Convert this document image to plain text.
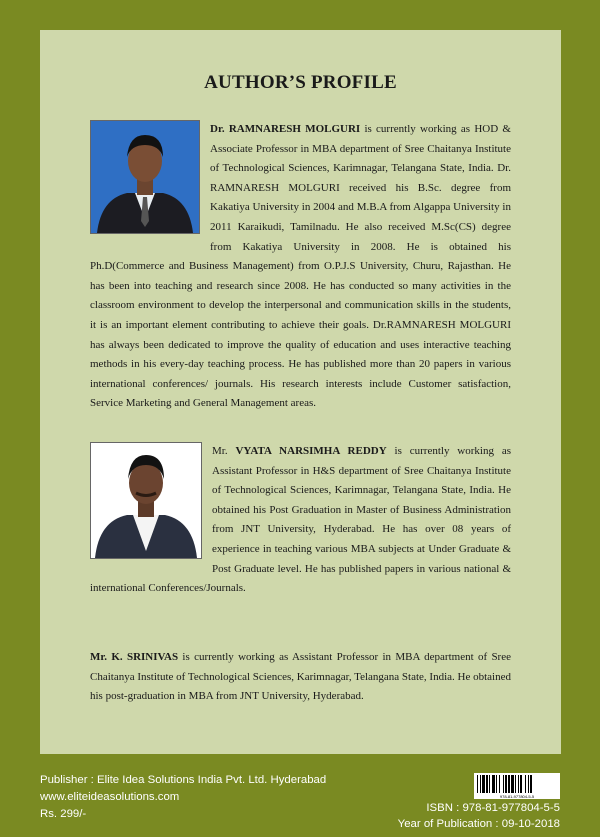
AUTHOR’S PROFILE

Dr. RAMNARESH MOLGURI is currently working as HOD & Associate Professor in MBA department of Sree Chaitanya Institute of Technological Sciences, Karimnagar, Telangana State, India. Dr. RAMNARESH MOLGURI received his B.Sc. degree from Kakatiya University in 2004 and M.B.A from Algappa University in 2011 Karaikudi, Tamilnadu. He also received M.Sc(CS) degree from Kakatiya University in 2008. He is obtained his Ph.D(Commerce and Business Management) from O.P.J.S University, Churu, Rajasthan. He has been into teaching and research since 2008. He has conducted so many activities in the classroom environment to develop the interpersonal and communication skills in the students, it is an important element contributing to achieve their goals. Dr.RAMNARESH MOLGURI has always been dedicated to improve the quality of education and uses interactive teaching methods in his every-day teaching process. He has published more than 20 papers in various international conferences/ journals. His research interests include Customer satisfaction, Service Marketing and General Management areas.

Mr. VYATA NARSIMHA REDDY is currently working as Assistant Professor in H&S department of Sree Chaitanya Institute of Technological Sciences, Karimnagar, Telangana State, India. He obtained his Post Graduation in Master of Business Administration from JNT University, Hyderabad. He has over 08 years of experience in teaching various MBA subjects at Under Graduate & Post Graduate level. He has published papers in various national & international Conferences/Journals.

Mr. K. SRINIVAS is currently working as Assistant Professor in MBA department of Sree Chaitanya Institute of Technological Sciences, Karimnagar, Telangana State, India. He obtained his post-graduation in MBA from JNT University, Hyderabad.

Publisher : Elite Idea Solutions India Pvt. Ltd. Hyderabad
www.eliteideasolutions.com
Rs. 299/-
978-81-977804-5-5
ISBN : 978-81-977804-5-5
Year of Publication : 09-10-2018
